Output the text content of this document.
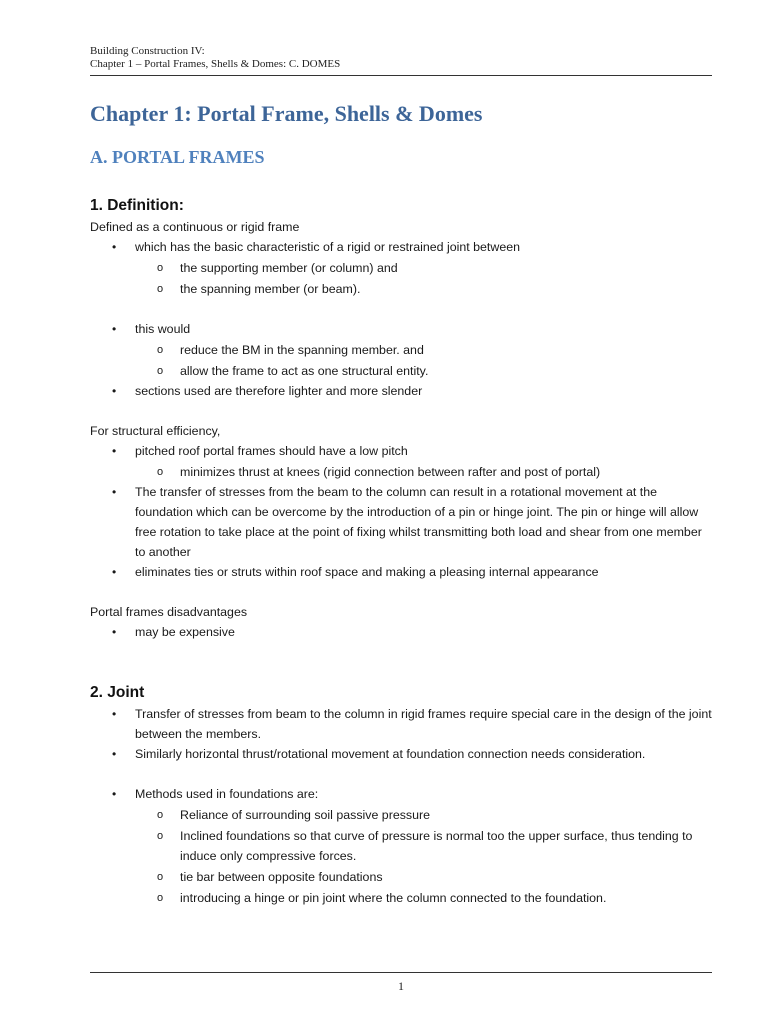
Building Construction IV:
Chapter 1 – Portal Frames, Shells & Domes: C. DOMES
Chapter 1: Portal Frame, Shells & Domes
A. PORTAL FRAMES
1. Definition:

Defined as a continuous or rigid frame

• which has the basic characteristic of a rigid or restrained joint between
o the supporting member (or column) and
o the spanning member (or beam).
• this would
o reduce the BM in the spanning member. and
o allow the frame to act as one structural entity.
• sections used are therefore lighter and more slender

For structural efficiency,

• pitched roof portal frames should have a low pitch
o minimizes thrust at knees (rigid connection between rafter and post of portal)
• The transfer of stresses from the beam to the column can result in a rotational movement at the foundation which can be overcome by the introduction of a pin or hinge joint. The pin or hinge will allow free rotation to take place at the point of fixing whilst transmitting both load and shear from one member to another
• eliminates ties or struts within roof space and making a pleasing internal appearance

Portal frames disadvantages

• may be expensive
2. Joint
• Transfer of stresses from beam to the column in rigid frames require special care in the design of the joint between the members.
• Similarly horizontal thrust/rotational movement at foundation connection needs consideration.
• Methods used in foundations are:
o Reliance of surrounding soil passive pressure
o Inclined foundations so that curve of pressure is normal too the upper surface, thus tending to induce only compressive forces.
o tie bar between opposite foundations
o introducing a hinge or pin joint where the column connected to the foundation.
1
